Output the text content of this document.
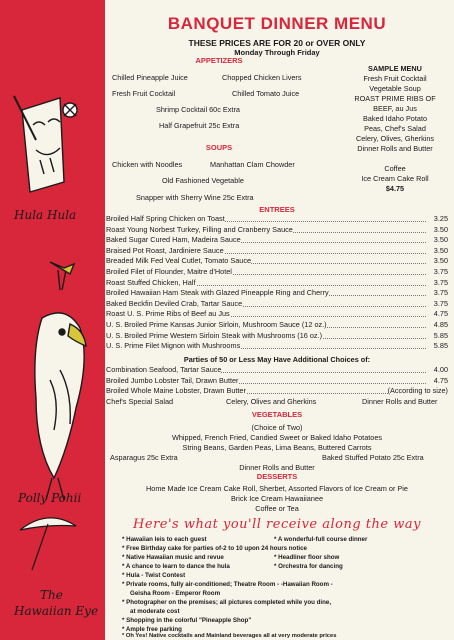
Hula Hula
Polly Pohii
The
Hawaiian Eye
BANQUET DINNER MENU
THESE PRICES ARE FOR 20 or OVER ONLY
Monday Through Friday
APPETIZERS
Chilled Pineapple Juice	Chopped Chicken Livers
Fresh Fruit Cocktail	Chilled Tomato Juice
Shrimp Cocktail 60c Extra
Half Grapefruit 25c Extra
SAMPLE MENU
Fresh Fruit Cocktail
Vegetable Soup
ROAST PRIME RIBS OF
BEEF, au Jus
Baked Idaho Potato
Peas, Chef's Salad
Celery, Olives, Gherkins
Dinner Rolls and Butter
Coffee
Ice Cream Cake Roll
$4.75
SOUPS
Chicken with Noodles	Manhattan Clam Chowder
Old Fashioned Vegetable
Snapper with Sherry Wine 25c Extra
ENTREES
Broiled Half Spring Chicken on Toast	3.25
Roast Young Norbest Turkey, Filling and Cranberry Sauce	3.50
Baked Sugar Cured Ham, Madeira Sauce	3.50
Braised Pot Roast, Jardiniere Sauce	3.50
Breaded Milk Fed Veal Cutlet, Tomato Sauce	3.50
Broiled Filet of Flounder, Maitre d'Hotel	3.75
Roast Stuffed Chicken, Half	3.75
Broiled Hawaiian Ham Steak with Glazed Pineapple Ring and Cherry	3.75
Baked Beckfin Deviled Crab, Tartar Sauce	3.75
Roast U. S. Prime Ribs of Beef au Jus	4.75
U. S. Broiled Prime Kansas Junior Sirloin, Mushroom Sauce (12 oz.)	4.85
U. S. Broiled Prime Western Sirloin Steak with Mushrooms (16 oz.)	5.85
U. S. Prime Filet Mignon with Mushrooms	5.85
Parties of 50 or Less May Have Additional Choices of:
Combination Seafood, Tartar Sauce	4.00
Broiled Jumbo Lobster Tail, Drawn Butter	4.75
Broiled Whole Maine Lobster, Drawn Butter	(According to size)
Chef's Special Salad	Celery, Olives and Gherkins	Dinner Rolls and Butter
VEGETABLES
(Choice of Two)
Whipped, French Fried, Candied Sweet or Baked Idaho Potatoes
String Beans, Garden Peas, Lima Beans, Buttered Carrots
Asparagus 25c Extra	Baked Stuffed Potato 25c Extra
Dinner Rolls and Butter
DESSERTS
Home Made Ice Cream Cake Roll, Sherbet, Assorted Flavors of Ice Cream or Pie
Brick Ice Cream Hawaiianee
Coffee or Tea
Here's what you'll receive along the way
* Hawaiian leis to each guest	* A wonderful-full course dinner
* Free Birthday cake for parties of-2 to 10 upon 24 hours notice
* Native Hawaiian music and revue	* Headliner floor show
* A chance to learn to dance the hula	* Orchestra for dancing
* Hula - Twist Contest
* Private rooms, fully air-conditioned; Theatre Room - -Hawaiian Room -
Geisha Room - Emperor Room
* Photographer on the premises; all pictures completed while you dine,
at moderate cost
* Shopping in the colorful "Pineapple Shop"
* Ample free parking
* Oh Yes! Native cocktails and Mainland beverages all at very moderate prices
